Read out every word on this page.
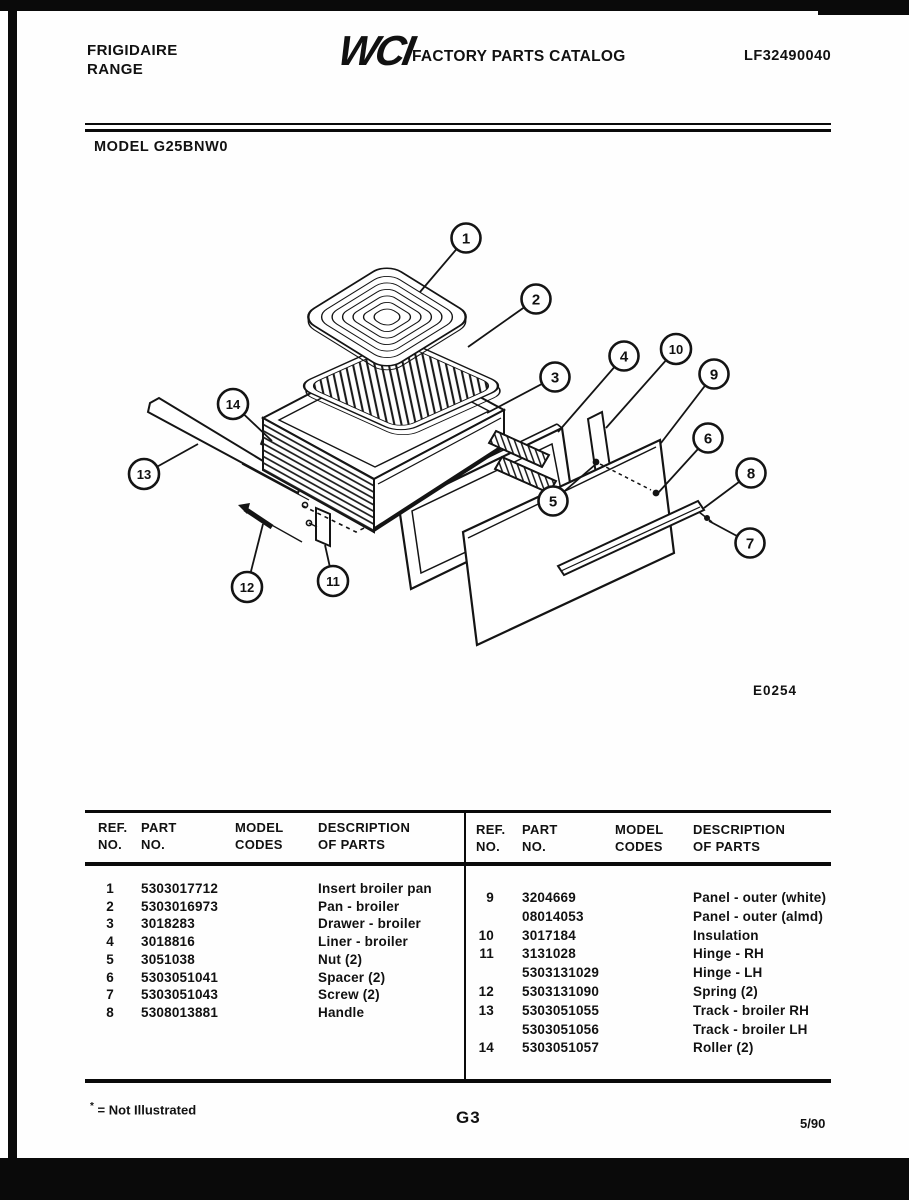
FRIGIDAIRE
RANGE	WCI
FACTORY PARTS CATALOG	LF32490040
MODEL G25BNW0
1
2
3
4
5
6
7
8
9
10
11
12
13
14
E0254
REF.
NO.
PART
NO.
MODEL
CODES
DESCRIPTION
OF PARTS
REF.
NO.
PART
NO.
MODEL
CODES
DESCRIPTION
OF PARTS
1 5303017712	Insert broiler pan
2 5303016973	Pan - broiler
3 3018283	Drawer - broiler
4 3018816	Liner - broiler
5 3051038	Nut (2)
6 5303051041	Spacer (2)
7 5303051043	Screw (2)
8 5308013881	Handle
9 3204669	Panel - outer (white)
08014053	Panel - outer (almd)
10 3017184	Insulation
11 3131028	Hinge - RH
5303131029	Hinge - LH
12 5303131090	Spring (2)
13 5303051055	Track - broiler RH
5303051056	Track - broiler LH
14 5303051057	Roller (2)
* = Not Illustrated	G3	5/90
